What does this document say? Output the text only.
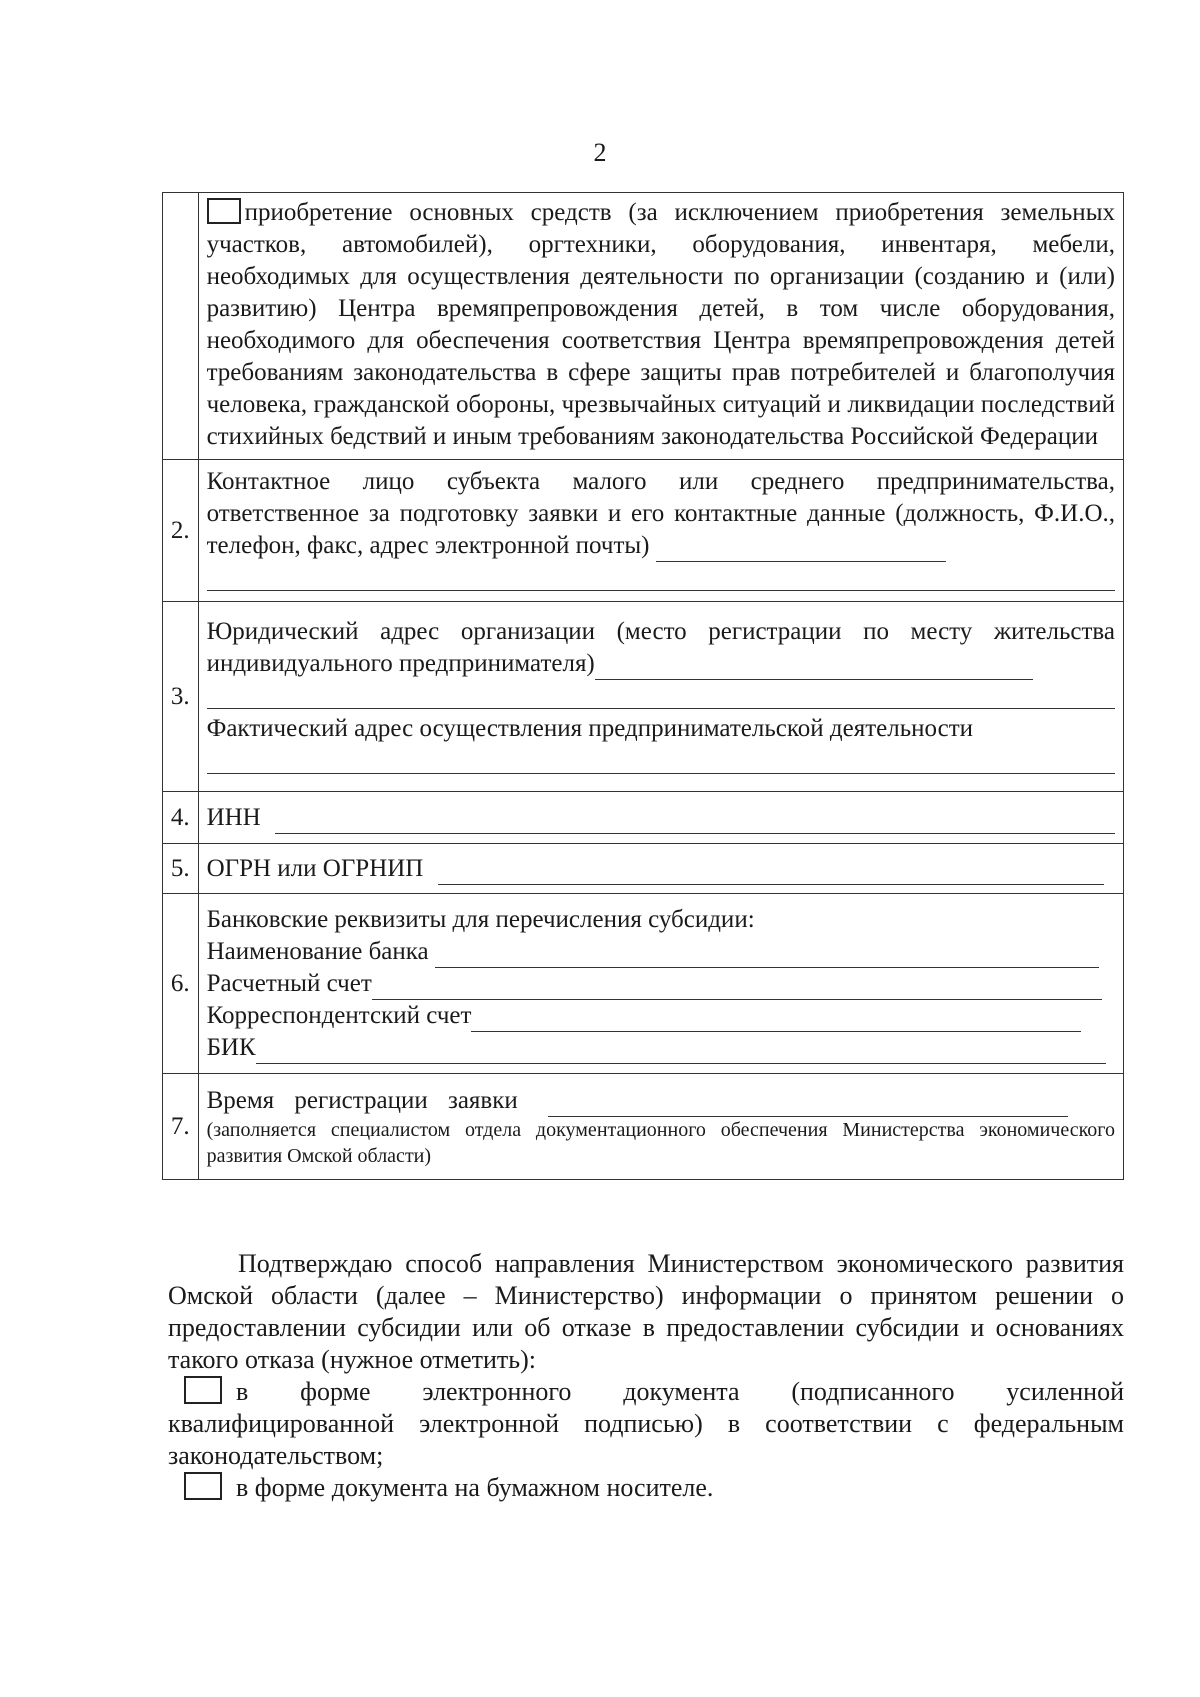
2
	приобретение основных средств (за исключением приобретения земельных участков, автомобилей), оргтехники, оборудования, инвентаря, мебели, необходимых для осуществления деятельности по организации (созданию и (или) развитию) Центра времяпрепровождения детей, в том числе оборудования, необходимого для обеспечения соответствия Центра времяпрепровождения детей требованиям законодательства в сфере защиты прав потребителей и благополучия человека, гражданской обороны, чрезвычайных ситуаций и ликвидации последствий стихийных бедствий и иным требованиям законодательства Российской Федерации
2.	Контактное лицо субъекта малого или среднего предпринимательства, ответственное за подготовку заявки и его контактные данные (должность, Ф.И.О., телефон, факс, адрес электронной почты)

3.	Юридический адрес организации (место регистрации по месту жительства индивидуального предпринимателя)
Фактический адрес осуществления предпринимательской деятельности

4.	ИНН
5.	ОГРН или ОГРНИП
6.	Банковские реквизиты для перечисления субсидии:
Наименование банка
Расчетный счет
Корреспондентский счет
БИК

7.	Время регистрации заявки
(заполняется специалистом отдела документационного обеспечения Министерства экономического развития Омской области)

Подтверждаю способ направления Министерством экономического развития Омской области (далее – Министерство) информации о принятом решении о предоставлении субсидии или об отказе в предоставлении субсидии и основаниях такого отказа (нужное отметить):

в форме электронного документа (подписанного усиленной квалифицированной электронной подписью) в соответствии с федеральным законодательством;

в форме документа на бумажном носителе.
